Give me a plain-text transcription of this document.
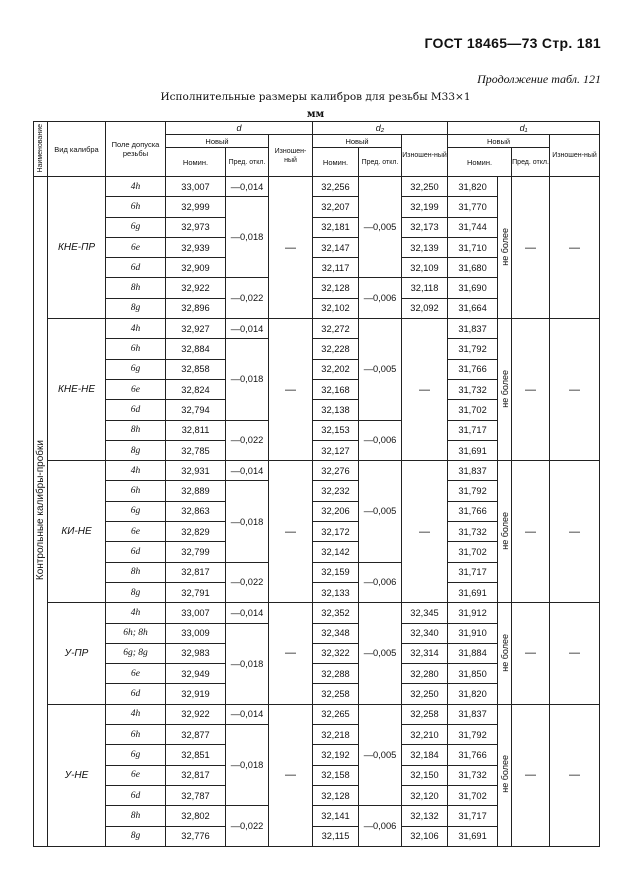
ГОСТ 18465—73 Стр. 181
Продолжение табл. 121
Исполнительные размеры калибров для резьбы M33×1
мм
Наименование	Вид калибра	Поле допуска резьбы	d			d₂			d₁			
			Новый		Изношен-ный	Новый		Изношен-ный	Новый			Изношен-ный
			Номин.	Пред. откл.		Номин.	Пред. откл.		Номин.		Пред. откл.	
Контрольные калибры-пробки	КНЕ-ПР	4h	33,007	—0,014	—	32,256	—0,005	32,250	31,820	не более	—	—
		6h	32,999	—0,018		32,207		32,199	31,770			
		6g	32,973			32,181		32,173	31,744			
		6e	32,939			32,147		32,139	31,710			
		6d	32,909			32,117		32,109	31,680			
		8h	32,922	—0,022		32,128	—0,006	32,118	31,690			
		8g	32,896			32,102		32,092	31,664			
	КНЕ-НЕ	4h	32,927	—0,014	—	32,272	—0,005	—	31,837	не более	—	—
		6h	32,884	—0,018		32,228			31,792			
		6g	32,858			32,202			31,766			
		6e	32,824			32,168			31,732			
		6d	32,794			32,138			31,702			
		8h	32,811	—0,022		32,153	—0,006		31,717			
		8g	32,785			32,127			31,691			
	КИ-НЕ	4h	32,931	—0,014	—	32,276	—0,005	—	31,837	не более	—	—
		6h	32,889	—0,018		32,232			31,792			
		6g	32,863			32,206			31,766			
		6e	32,829			32,172			31,732			
		6d	32,799			32,142			31,702			
		8h	32,817	—0,022		32,159	—0,006		31,717			
		8g	32,791			32,133			31,691			
	У-ПР	4h	33,007	—0,014	—	32,352	—0,005	32,345	31,912	не более	—	—
		6h; 8h	33,009	—0,018		32,348		32,340	31,910			
		6g; 8g	32,983			32,322		32,314	31,884			
		6e	32,949			32,288		32,280	31,850			
		6d	32,919			32,258		32,250	31,820			
	У-НЕ	4h	32,922	—0,014	—	32,265	—0,005	32,258	31,837	не более	—	—
		6h	32,877	—0,018		32,218		32,210	31,792			
		6g	32,851			32,192		32,184	31,766			
		6e	32,817			32,158		32,150	31,732			
		6d	32,787			32,128		32,120	31,702			
		8h	32,802	—0,022		32,141	—0,006	32,132	31,717			
		8g	32,776			32,115		32,106	31,691			
